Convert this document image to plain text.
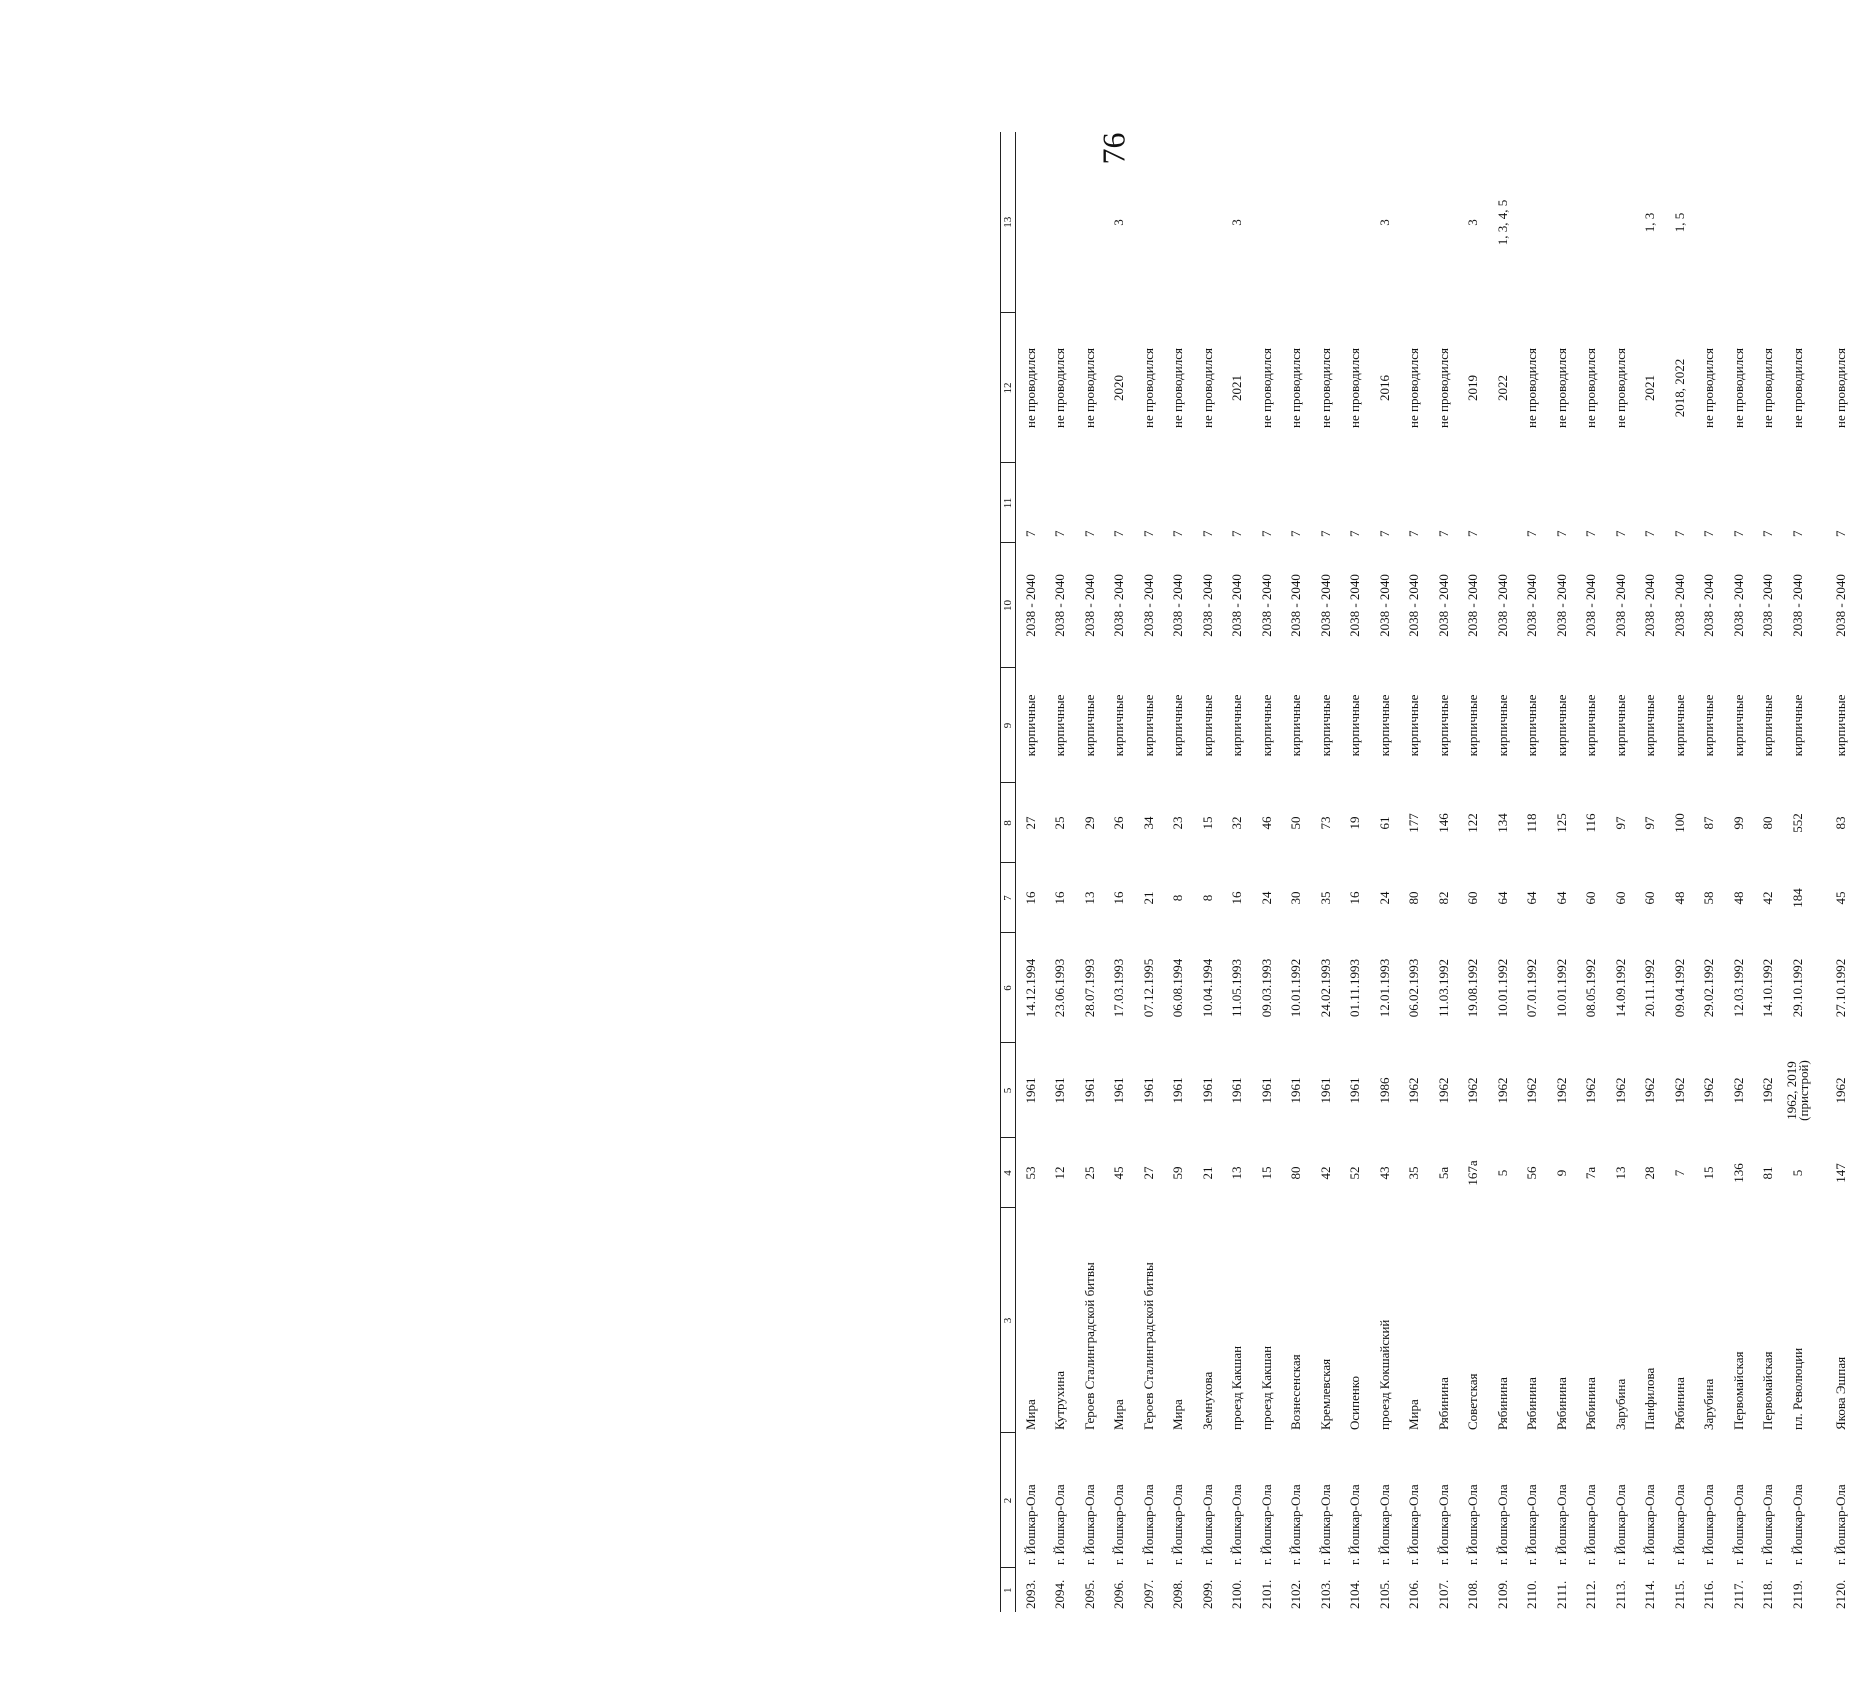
76
1	2	3	4	5	6	7	8	9	10	11	12	13
2093.	г. Йошкар-Ола	Мира	53	1961	14.12.1994	16	27	кирпичные	2038 - 2040	7	не проводился	
2094.	г. Йошкар-Ола	Кутрухина	12	1961	23.06.1993	16	25	кирпичные	2038 - 2040	7	не проводился	
2095.	г. Йошкар-Ола	Героев Сталинградской битвы	25	1961	28.07.1993	13	29	кирпичные	2038 - 2040	7	не проводился	
2096.	г. Йошкар-Ола	Мира	45	1961	17.03.1993	16	26	кирпичные	2038 - 2040	7	2020	3
2097.	г. Йошкар-Ола	Героев Сталинградской битвы	27	1961	07.12.1995	21	34	кирпичные	2038 - 2040	7	не проводился	
2098.	г. Йошкар-Ола	Мира	59	1961	06.08.1994	8	23	кирпичные	2038 - 2040	7	не проводился	
2099.	г. Йошкар-Ола	Земнухова	21	1961	10.04.1994	8	15	кирпичные	2038 - 2040	7	не проводился	
2100.	г. Йошкар-Ола	проезд Какшан	13	1961	11.05.1993	16	32	кирпичные	2038 - 2040	7	2021	3
2101.	г. Йошкар-Ола	проезд Какшан	15	1961	09.03.1993	24	46	кирпичные	2038 - 2040	7	не проводился	
2102.	г. Йошкар-Ола	Вознесенская	80	1961	10.01.1992	30	50	кирпичные	2038 - 2040	7	не проводился	
2103.	г. Йошкар-Ола	Кремлевская	42	1961	24.02.1993	35	73	кирпичные	2038 - 2040	7	не проводился	
2104.	г. Йошкар-Ола	Осипенко	52	1961	01.11.1993	16	19	кирпичные	2038 - 2040	7	не проводился	
2105.	г. Йошкар-Ола	проезд Кокшайский	43	1986	12.01.1993	24	61	кирпичные	2038 - 2040	7	2016	3
2106.	г. Йошкар-Ола	Мира	35	1962	06.02.1993	80	177	кирпичные	2038 - 2040	7	не проводился	
2107.	г. Йошкар-Ола	Рябинина	5а	1962	11.03.1992	82	146	кирпичные	2038 - 2040	7	не проводился	
2108.	г. Йошкар-Ола	Советская	167а	1962	19.08.1992	60	122	кирпичные	2038 - 2040	7	2019	3
2109.	г. Йошкар-Ола	Рябинина	5	1962	10.01.1992	64	134	кирпичные	2038 - 2040		2022	1, 3, 4, 5
2110.	г. Йошкар-Ола	Рябинина	56	1962	07.01.1992	64	118	кирпичные	2038 - 2040	7	не проводился	
2111.	г. Йошкар-Ола	Рябинина	9	1962	10.01.1992	64	125	кирпичные	2038 - 2040	7	не проводился	
2112.	г. Йошкар-Ола	Рябинина	7а	1962	08.05.1992	60	116	кирпичные	2038 - 2040	7	не проводился	
2113.	г. Йошкар-Ола	Зарубина	13	1962	14.09.1992	60	97	кирпичные	2038 - 2040	7	не проводился	
2114.	г. Йошкар-Ола	Панфилова	28	1962	20.11.1992	60	97	кирпичные	2038 - 2040	7	2021	1, 3
2115.	г. Йошкар-Ола	Рябинина	7	1962	09.04.1992	48	100	кирпичные	2038 - 2040	7	2018, 2022	1, 5
2116.	г. Йошкар-Ола	Зарубина	15	1962	29.02.1992	58	87	кирпичные	2038 - 2040	7	не проводился	
2117.	г. Йошкар-Ола	Первомайская	136	1962	12.03.1992	48	99	кирпичные	2038 - 2040	7	не проводился	
2118.	г. Йошкар-Ола	Первомайская	81	1962	14.10.1992	42	80	кирпичные	2038 - 2040	7	не проводился	
2119.	г. Йошкар-Ола	пл. Революции	5	1962, 2019 (пристрой)	29.10.1992	184	552	кирпичные	2038 - 2040	7	не проводился	
2120.	г. Йошкар-Ола	Якова Эшпая	147	1962	27.10.1992	45	83	кирпичные	2038 - 2040	7	не проводился	
